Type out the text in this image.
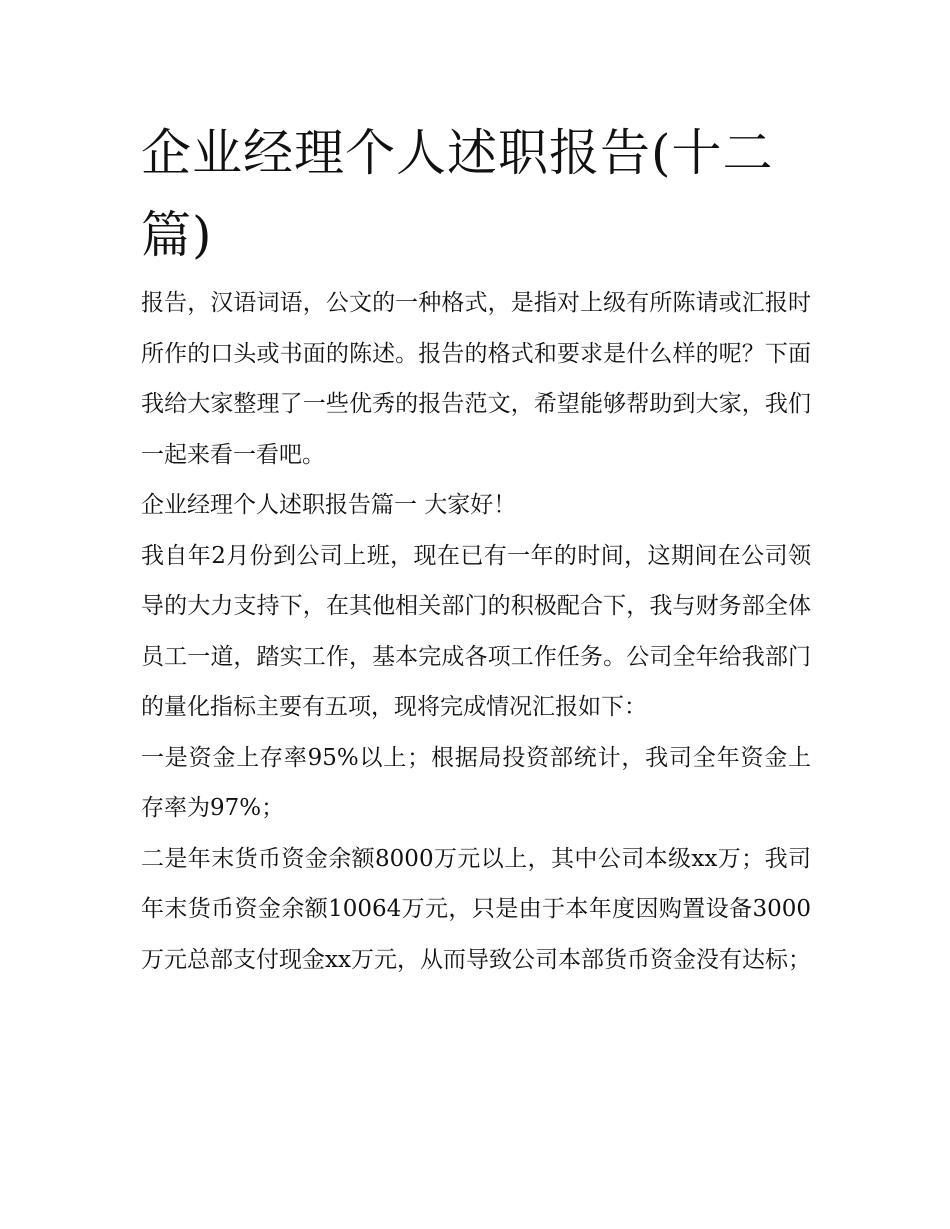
企业经理个人述职报告(十二篇)

报告，汉语词语，公文的一种格式，是指对上级有所陈请或汇报时所作的口头或书面的陈述。报告的格式和要求是什么样的呢？下面我给大家整理了一些优秀的报告范文，希望能够帮助到大家，我们一起来看一看吧。

企业经理个人述职报告篇一 大家好！

我自年2月份到公司上班，现在已有一年的时间，这期间在公司领导的大力支持下，在其他相关部门的积极配合下，我与财务部全体员工一道，踏实工作，基本完成各项工作任务。公司全年给我部门的量化指标主要有五项，现将完成情况汇报如下：

一是资金上存率95%以上；根据局投资部统计，我司全年资金上存率为97%；

二是年末货币资金余额8000万元以上，其中公司本级xx万；我司年末货币资金余额10064万元，只是由于本年度因购置设备3000万元总部支付现金xx万元，从而导致公司本部货币资金没有达标；
